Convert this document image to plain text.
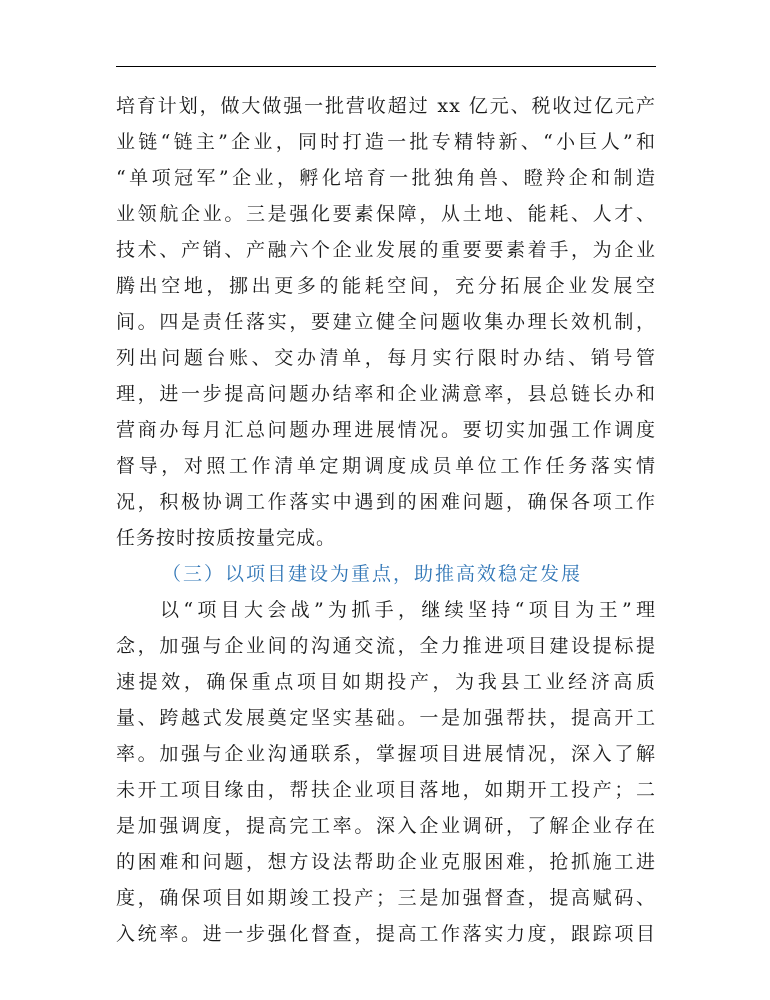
培育计划，做大做强一批营收超过 xx 亿元、税收过亿元产
业链“链主”企业，同时打造一批专精特新、“小巨人”和
“单项冠军”企业，孵化培育一批独角兽、瞪羚企和制造
业领航企业。三是强化要素保障，从土地、能耗、人才、
技术、产销、产融六个企业发展的重要要素着手，为企业
腾出空地，挪出更多的能耗空间，充分拓展企业发展空
间。四是责任落实，要建立健全问题收集办理长效机制，
列出问题台账、交办清单，每月实行限时办结、销号管
理，进一步提高问题办结率和企业满意率，县总链长办和
营商办每月汇总问题办理进展情况。要切实加强工作调度
督导，对照工作清单定期调度成员单位工作任务落实情
况，积极协调工作落实中遇到的困难问题，确保各项工作
任务按时按质按量完成。
（三）以项目建设为重点，助推高效稳定发展
以“项目大会战”为抓手，继续坚持“项目为王”理
念，加强与企业间的沟通交流，全力推进项目建设提标提
速提效，确保重点项目如期投产，为我县工业经济高质
量、跨越式发展奠定坚实基础。一是加强帮扶，提高开工
率。加强与企业沟通联系，掌握项目进展情况，深入了解
未开工项目缘由，帮扶企业项目落地，如期开工投产；二
是加强调度，提高完工率。深入企业调研，了解企业存在
的困难和问题，想方设法帮助企业克服困难，抢抓施工进
度，确保项目如期竣工投产；三是加强督查，提高赋码、
入统率。进一步强化督查，提高工作落实力度，跟踪项目
